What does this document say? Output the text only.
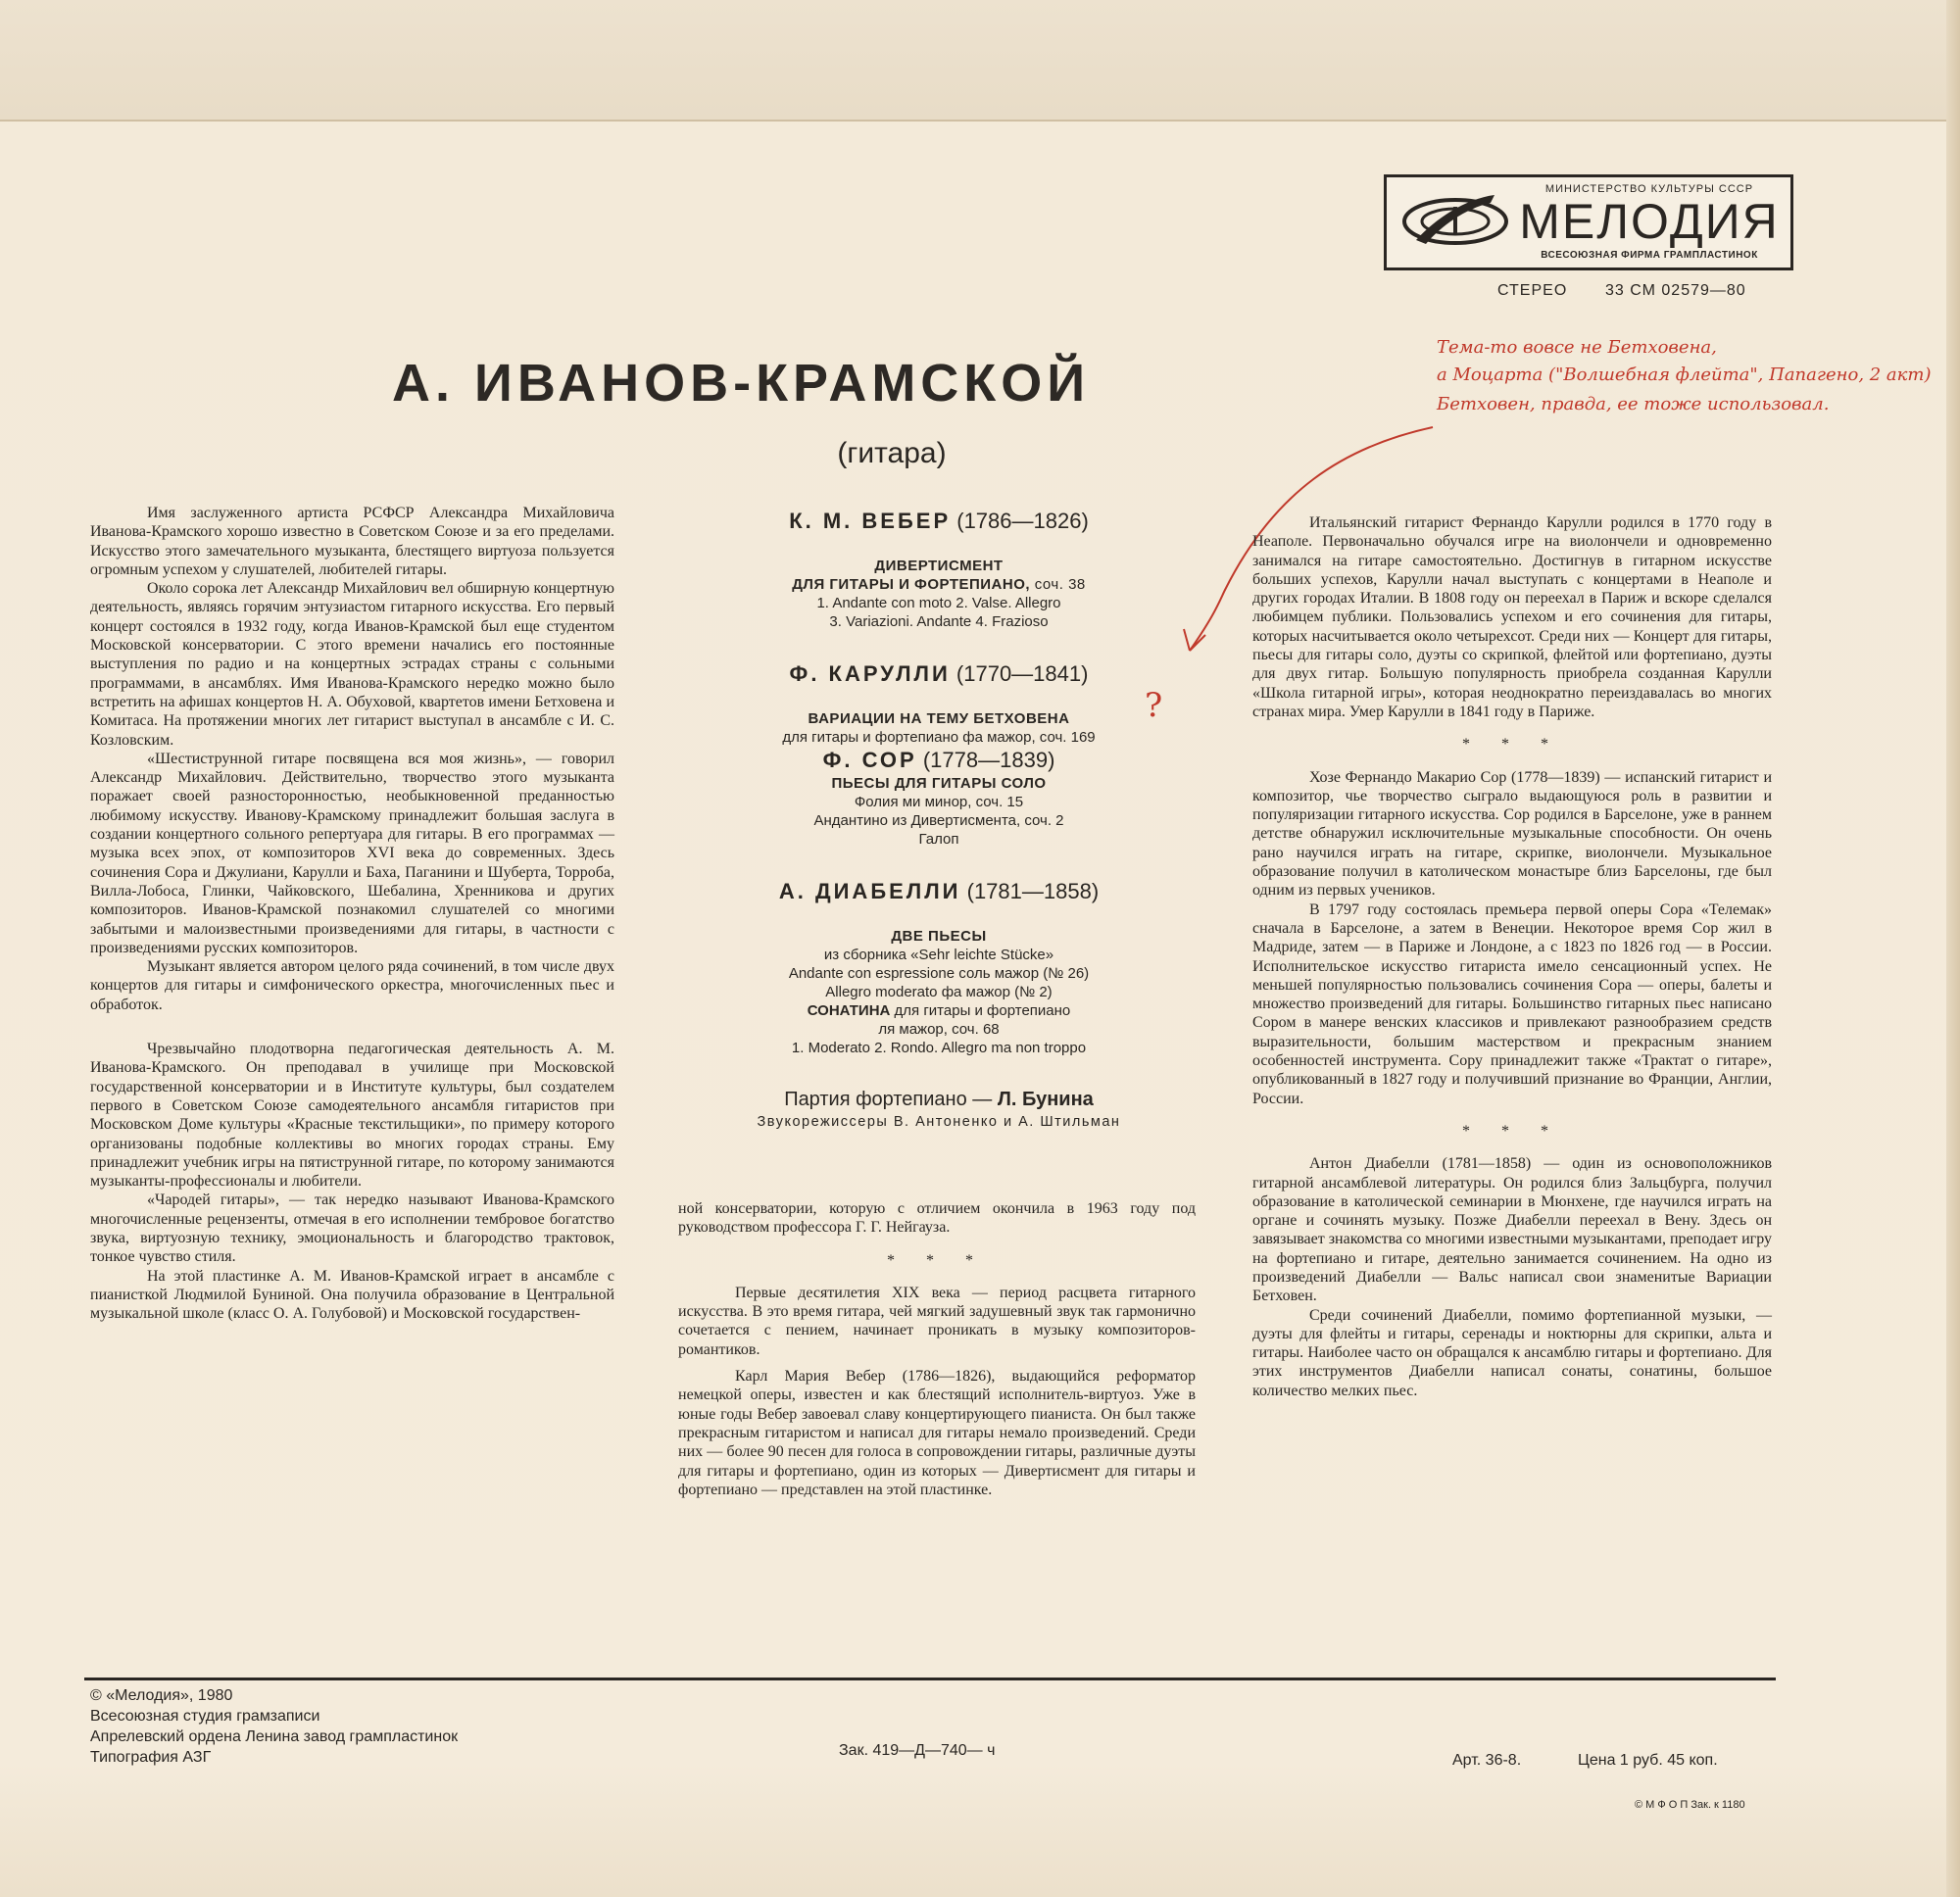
МИНИСТЕРСТВО КУЛЬТУРЫ СССР
МЕЛОДИЯ
ВСЕСОЮЗНАЯ ФИРМА ГРАМПЛАСТИНОК
СТЕРЕО 33 СМ 02579—80
А. ИВАНОВ-КРАМСКОЙ
(гитара)
Тема-то вовсе не Бетховена,
а Моцарта ("Волшебная флейта", Папагено, 2 акт)
Бетховен, правда, ее тоже использовал.
?

Имя заслуженного артиста РСФСР Александра Михайловича Иванова-Крамского хорошо известно в Советском Союзе и за его пределами. Искусство этого замечательного музыканта, блестящего виртуоза пользуется огромным успехом у слушателей, любителей гитары.

Около сорока лет Александр Михайлович вел обширную концертную деятельность, являясь горячим энтузиастом гитарного искусства. Его первый концерт состоялся в 1932 году, когда Иванов-Крамской был еще студентом Московской консерватории. С этого времени начались его постоянные выступления по радио и на концертных эстрадах страны с сольными программами, в ансамблях. Имя Иванова-Крамского нередко можно было встретить на афишах концертов Н. А. Обуховой, квартетов имени Бетховена и Комитаса. На протяжении многих лет гитарист выступал в ансамбле с И. С. Козловским.

«Шестиструнной гитаре посвящена вся моя жизнь», — говорил Александр Михайлович. Действительно, творчество этого музыканта поражает своей разносторонностью, необыкновенной преданностью любимому искусству. Иванову-Крамскому принадлежит большая заслуга в создании концертного сольного репертуара для гитары. В его программах — музыка всех эпох, от композиторов XVI века до современных. Здесь сочинения Сора и Джулиани, Карулли и Баха, Паганини и Шуберта, Торроба, Вилла-Лобоса, Глинки, Чайковского, Шебалина, Хренникова и других композиторов. Иванов-Крамской познакомил слушателей со многими забытыми и малоизвестными произведениями для гитары, в частности с произведениями русских композиторов.

Музыкант является автором целого ряда сочинений, в том числе двух концертов для гитары и симфонического оркестра, многочисленных пьес и обработок.

Чрезвычайно плодотворна педагогическая деятельность А. М. Иванова-Крамского. Он преподавал в училище при Московской государственной консерватории и в Институте культуры, был создателем первого в Советском Союзе самодеятельного ансамбля гитаристов при Московском Доме культуры «Красные текстильщики», по примеру которого организованы подобные коллективы во многих городах страны. Ему принадлежит учебник игры на пятиструнной гитаре, по которому занимаются музыканты-профессионалы и любители.

«Чародей гитары», — так нередко называют Иванова-Крамского многочисленные рецензенты, отмечая в его исполнении тембровое богатство звука, виртуозную технику, эмоциональность и благородство трактовок, тонкое чувство стиля.

На этой пластинке А. М. Иванов-Крамской играет в ансамбле с пианисткой Людмилой Буниной. Она получила образование в Центральной музыкальной школе (класс О. А. Голубовой) и Московской государствен-

К. М. ВЕБЕР (1786—1826)

ДИВЕРТИСМЕНТ

ДЛЯ ГИТАРЫ И ФОРТЕПИАНО, соч. 38

1. Andante con moto 2. Valse. Allegro

3. Variazioni. Andante 4. Frazioso

Ф. КАРУЛЛИ (1770—1841)

ВАРИАЦИИ НА ТЕМУ БЕТХОВЕНА

для гитары и фортепиано фа мажор, соч. 169

Ф. СОР (1778—1839)

ПЬЕСЫ ДЛЯ ГИТАРЫ СОЛО

Фолия ми минор, соч. 15

Андантино из Дивертисмента, соч. 2

Галоп

А. ДИАБЕЛЛИ (1781—1858)

ДВЕ ПЬЕСЫ

из сборника «Sehr leichte Stücke»

Andante con espressione соль мажор (№ 26)

Allegro moderato фа мажор (№ 2)

СОНАТИНА для гитары и фортепиано

ля мажор, соч. 68

1. Moderato 2. Rondo. Allegro ma non troppo

Партия фортепиано — Л. Бунина

Звукорежиссеры В. Антоненко и А. Штильман

ной консерватории, которую с отличием окончила в 1963 году под руководством профессора Г. Г. Нейгауза.

* * *

Первые десятилетия XIX века — период расцвета гитарного искусства. В это время гитара, чей мягкий задушевный звук так гармонично сочетается с пением, начинает проникать в музыку композиторов-романтиков.

Карл Мария Вебер (1786—1826), выдающийся реформатор немецкой оперы, известен и как блестящий исполнитель-виртуоз. Уже в юные годы Вебер завоевал славу концертирующего пианиста. Он был также прекрасным гитаристом и написал для гитары немало произведений. Среди них — более 90 песен для голоса в сопровождении гитары, различные дуэты для гитары и фортепиано, один из которых — Дивертисмент для гитары и фортепиано — представлен на этой пластинке.

Итальянский гитарист Фернандо Карулли родился в 1770 году в Неаполе. Первоначально обучался игре на виолончели и одновременно занимался на гитаре самостоятельно. Достигнув в гитарном искусстве больших успехов, Карулли начал выступать с концертами в Неаполе и других городах Италии. В 1808 году он переехал в Париж и вскоре сделался любимцем публики. Пользовались успехом и его сочинения для гитары, которых насчитывается около четырехсот. Среди них — Концерт для гитары, пьесы для гитары соло, дуэты со скрипкой, флейтой или фортепиано, дуэты для двух гитар. Большую популярность приобрела созданная Карулли «Школа гитарной игры», которая неоднократно переиздавалась во многих странах мира. Умер Карулли в 1841 году в Париже.

* * *

Хозе Фернандо Макарио Сор (1778—1839) — испанский гитарист и композитор, чье творчество сыграло выдающуюся роль в развитии и популяризации гитарного искусства. Сор родился в Барселоне, уже в раннем детстве обнаружил исключительные музыкальные способности. Он очень рано научился играть на гитаре, скрипке, виолончели. Музыкальное образование получил в католическом монастыре близ Барселоны, где был одним из первых учеников.

В 1797 году состоялась премьера первой оперы Сора «Телемак» сначала в Барселоне, а затем в Венеции. Некоторое время Сор жил в Мадриде, затем — в Париже и Лондоне, а с 1823 по 1826 год — в России. Исполнительское искусство гитариста имело сенсационный успех. Не меньшей популярностью пользовались сочинения Сора — оперы, балеты и множество произведений для гитары. Большинство гитарных пьес написано Сором в манере венских классиков и привлекают разнообразием средств выразительности, большим мастерством и прекрасным знанием особенностей инструмента. Сору принадлежит также «Трактат о гитаре», опубликованный в 1827 году и получивший признание во Франции, Англии, России.

* * *

Антон Диабелли (1781—1858) — один из основоположников гитарной ансамблевой литературы. Он родился близ Зальцбурга, получил образование в католической семинарии в Мюнхене, где научился играть на органе и сочинять музыку. Позже Диабелли переехал в Вену. Здесь он завязывает знакомства со многими известными музыкантами, преподает игру на фортепиано и гитаре, деятельно занимается сочинением. На одно из произведений Диабелли — Вальс написал свои знаменитые Вариации Бетховен.

Среди сочинений Диабелли, помимо фортепианной музыки, — дуэты для флейты и гитары, серенады и ноктюрны для скрипки, альта и гитары. Наиболее часто он обращался к ансамблю гитары и фортепиано. Для этих инструментов Диабелли написал сонаты, сонатины, большое количество мелких пьес.

© «Мелодия», 1980
Всесоюзная студия грамзаписи
Апрелевский ордена Ленина завод грампластинок
Типография АЗГ	Зак. 419—Д—740— ч
Арт. 36-8.	Цена 1 руб. 45 коп.
© М Ф О П Зак. к 1180
